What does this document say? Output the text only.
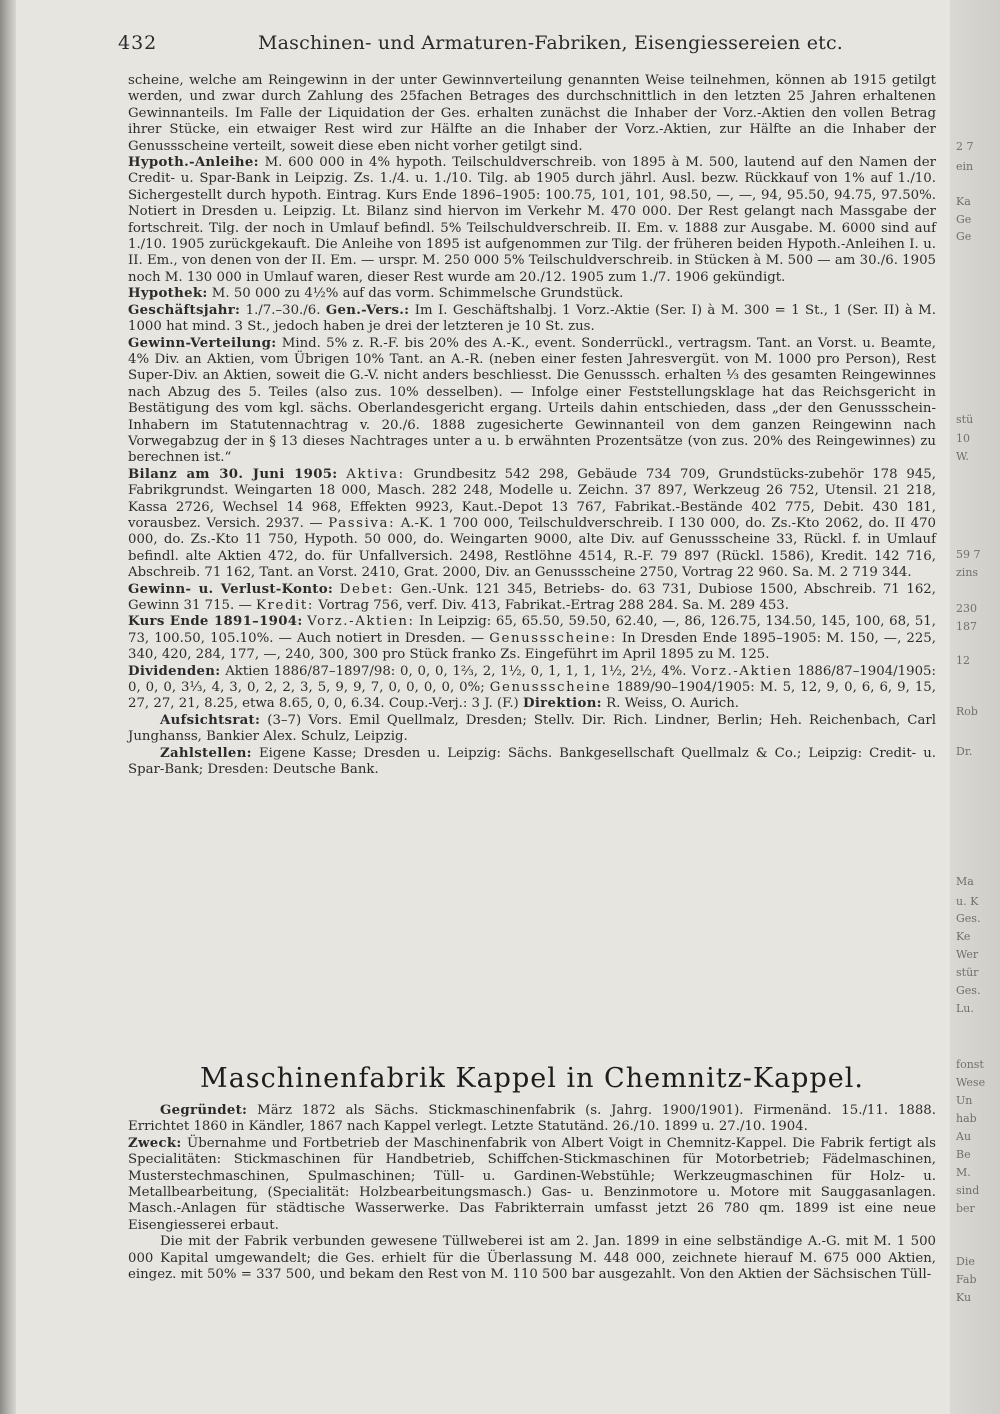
432	Maschinen- und Armaturen-Fabriken, Eisengiessereien etc.

scheine, welche am Reingewinn in der unter Gewinnverteilung genannten Weise teilnehmen, können ab 1915 getilgt werden, und zwar durch Zahlung des 25fachen Betrages des durchschnittlich in den letzten 25 Jahren erhaltenen Gewinnanteils. Im Falle der Liquidation der Ges. erhalten zunächst die Inhaber der Vorz.-Aktien den vollen Betrag ihrer Stücke, ein etwaiger Rest wird zur Hälfte an die Inhaber der Vorz.-Aktien, zur Hälfte an die Inhaber der Genussscheine verteilt, soweit diese eben nicht vorher getilgt sind.

Hypoth.-Anleihe: M. 600 000 in 4% hypoth. Teilschuldverschreib. von 1895 à M. 500, lautend auf den Namen der Credit- u. Spar-Bank in Leipzig. Zs. 1./4. u. 1./10. Tilg. ab 1905 durch jährl. Ausl. bezw. Rückkauf von 1% auf 1./10. Sichergestellt durch hypoth. Eintrag. Kurs Ende 1896–1905: 100.75, 101, 101, 98.50, —, —, 94, 95.50, 94.75, 97.50%. Notiert in Dresden u. Leipzig. Lt. Bilanz sind hiervon im Verkehr M. 470 000. Der Rest gelangt nach Massgabe der fortschreit. Tilg. der noch in Umlauf befindl. 5% Teilschuldverschreib. II. Em. v. 1888 zur Ausgabe. M. 6000 sind auf 1./10. 1905 zurückgekauft. Die Anleihe von 1895 ist aufgenommen zur Tilg. der früheren beiden Hypoth.-Anleihen I. u. II. Em., von denen von der II. Em. — urspr. M. 250 000 5% Teilschuldverschreib. in Stücken à M. 500 — am 30./6. 1905 noch M. 130 000 in Umlauf waren, dieser Rest wurde am 20./12. 1905 zum 1./7. 1906 gekündigt.

Hypothek: M. 50 000 zu 4½% auf das vorm. Schimmelsche Grundstück.

Geschäftsjahr: 1./7.–30./6. Gen.-Vers.: Im I. Geschäftshalbj. 1 Vorz.-Aktie (Ser. I) à M. 300 = 1 St., 1 (Ser. II) à M. 1000 hat mind. 3 St., jedoch haben je drei der letzteren je 10 St. zus.

Gewinn-Verteilung: Mind. 5% z. R.-F. bis 20% des A.-K., event. Sonderrückl., vertragsm. Tant. an Vorst. u. Beamte, 4% Div. an Aktien, vom Übrigen 10% Tant. an A.-R. (neben einer festen Jahresvergüt. von M. 1000 pro Person), Rest Super-Div. an Aktien, soweit die G.-V. nicht anders beschliesst. Die Genusssch. erhalten ⅓ des gesamten Reingewinnes nach Abzug des 5. Teiles (also zus. 10% desselben). — Infolge einer Feststellungsklage hat das Reichsgericht in Bestätigung des vom kgl. sächs. Oberlandesgericht ergang. Urteils dahin entschieden, dass „der den Genussschein-Inhabern im Statutennachtrag v. 20./6. 1888 zugesicherte Gewinnanteil von dem ganzen Reingewinn nach Vorwegabzug der in § 13 dieses Nachtrages unter a u. b erwähnten Prozentsätze (von zus. 20% des Reingewinnes) zu berechnen ist.“

Bilanz am 30. Juni 1905: Aktiva: Grundbesitz 542 298, Gebäude 734 709, Grundstücks-zubehör 178 945, Fabrikgrundst. Weingarten 18 000, Masch. 282 248, Modelle u. Zeichn. 37 897, Werkzeug 26 752, Utensil. 21 218, Kassa 2726, Wechsel 14 968, Effekten 9923, Kaut.-Depot 13 767, Fabrikat.-Bestände 402 775, Debit. 430 181, vorausbez. Versich. 2937. — Passiva: A.-K. 1 700 000, Teilschuldverschreib. I 130 000, do. Zs.-Kto 2062, do. II 470 000, do. Zs.-Kto 11 750, Hypoth. 50 000, do. Weingarten 9000, alte Div. auf Genussscheine 33, Rückl. f. in Umlauf befindl. alte Aktien 472, do. für Unfallversich. 2498, Restlöhne 4514, R.-F. 79 897 (Rückl. 1586), Kredit. 142 716, Abschreib. 71 162, Tant. an Vorst. 2410, Grat. 2000, Div. an Genussscheine 2750, Vortrag 22 960. Sa. M. 2 719 344.

Gewinn- u. Verlust-Konto: Debet: Gen.-Unk. 121 345, Betriebs- do. 63 731, Dubiose 1500, Abschreib. 71 162, Gewinn 31 715. — Kredit: Vortrag 756, verf. Div. 413, Fabrikat.-Ertrag 288 284. Sa. M. 289 453.

Kurs Ende 1891–1904: Vorz.-Aktien: In Leipzig: 65, 65.50, 59.50, 62.40, —, 86, 126.75, 134.50, 145, 100, 68, 51, 73, 100.50, 105.10%. — Auch notiert in Dresden. — Genussscheine: In Dresden Ende 1895–1905: M. 150, —, 225, 340, 420, 284, 177, —, 240, 300, 300 pro Stück franko Zs. Eingeführt im April 1895 zu M. 125.

Dividenden: Aktien 1886/87–1897/98: 0, 0, 0, 1⅔, 2, 1½, 0, 1, 1, 1, 1½, 2½, 4%. Vorz.-Aktien 1886/87–1904/1905: 0, 0, 0, 3⅓, 4, 3, 0, 2, 2, 3, 5, 9, 9, 7, 0, 0, 0, 0, 0%; Genussscheine 1889/90–1904/1905: M. 5, 12, 9, 0, 6, 6, 9, 15, 27, 27, 21, 8.25, etwa 8.65, 0, 0, 6.34. Coup.-Verj.: 3 J. (F.) Direktion: R. Weiss, O. Aurich.

Aufsichtsrat: (3–7) Vors. Emil Quellmalz, Dresden; Stellv. Dir. Rich. Lindner, Berlin; Heh. Reichenbach, Carl Junghanss, Bankier Alex. Schulz, Leipzig.

Zahlstellen: Eigene Kasse; Dresden u. Leipzig: Sächs. Bankgesellschaft Quellmalz & Co.; Leipzig: Credit- u. Spar-Bank; Dresden: Deutsche Bank.

Maschinenfabrik Kappel in Chemnitz-Kappel.

Gegründet: März 1872 als Sächs. Stickmaschinenfabrik (s. Jahrg. 1900/1901). Firmenänd. 15./11. 1888. Errichtet 1860 in Kändler, 1867 nach Kappel verlegt. Letzte Statutänd. 26./10. 1899 u. 27./10. 1904.

Zweck: Übernahme und Fortbetrieb der Maschinenfabrik von Albert Voigt in Chemnitz-Kappel. Die Fabrik fertigt als Specialitäten: Stickmaschinen für Handbetrieb, Schiffchen-Stickmaschinen für Motorbetrieb; Fädelmaschinen, Musterstechmaschinen, Spulmaschinen; Tüll- u. Gardinen-Webstühle; Werkzeugmaschinen für Holz- u. Metallbearbeitung, (Specialität: Holzbearbeitungsmasch.) Gas- u. Benzinmotore u. Motore mit Sauggasanlagen. Masch.-Anlagen für städtische Wasserwerke. Das Fabrikterrain umfasst jetzt 26 780 qm. 1899 ist eine neue Eisengiesserei erbaut.

Die mit der Fabrik verbunden gewesene Tüllweberei ist am 2. Jan. 1899 in eine selbständige A.-G. mit M. 1 500 000 Kapital umgewandelt; die Ges. erhielt für die Überlassung M. 448 000, zeichnete hierauf M. 675 000 Aktien, eingez. mit 50% = 337 500, und bekam den Rest von M. 110 500 bar ausgezahlt. Von den Aktien der Sächsischen Tüll-

2 7
ein
Ka
Ge
Ge
stü
10
W.
59 7
zins
230
187
12
Rob
Dr.
Ma
u. K
Ges.
Ke
Wer
stür
Ges.
Lu.
fonst
Wese
Un
hab
Au
Be
M.
sind
ber
Die
Fab
Ku
